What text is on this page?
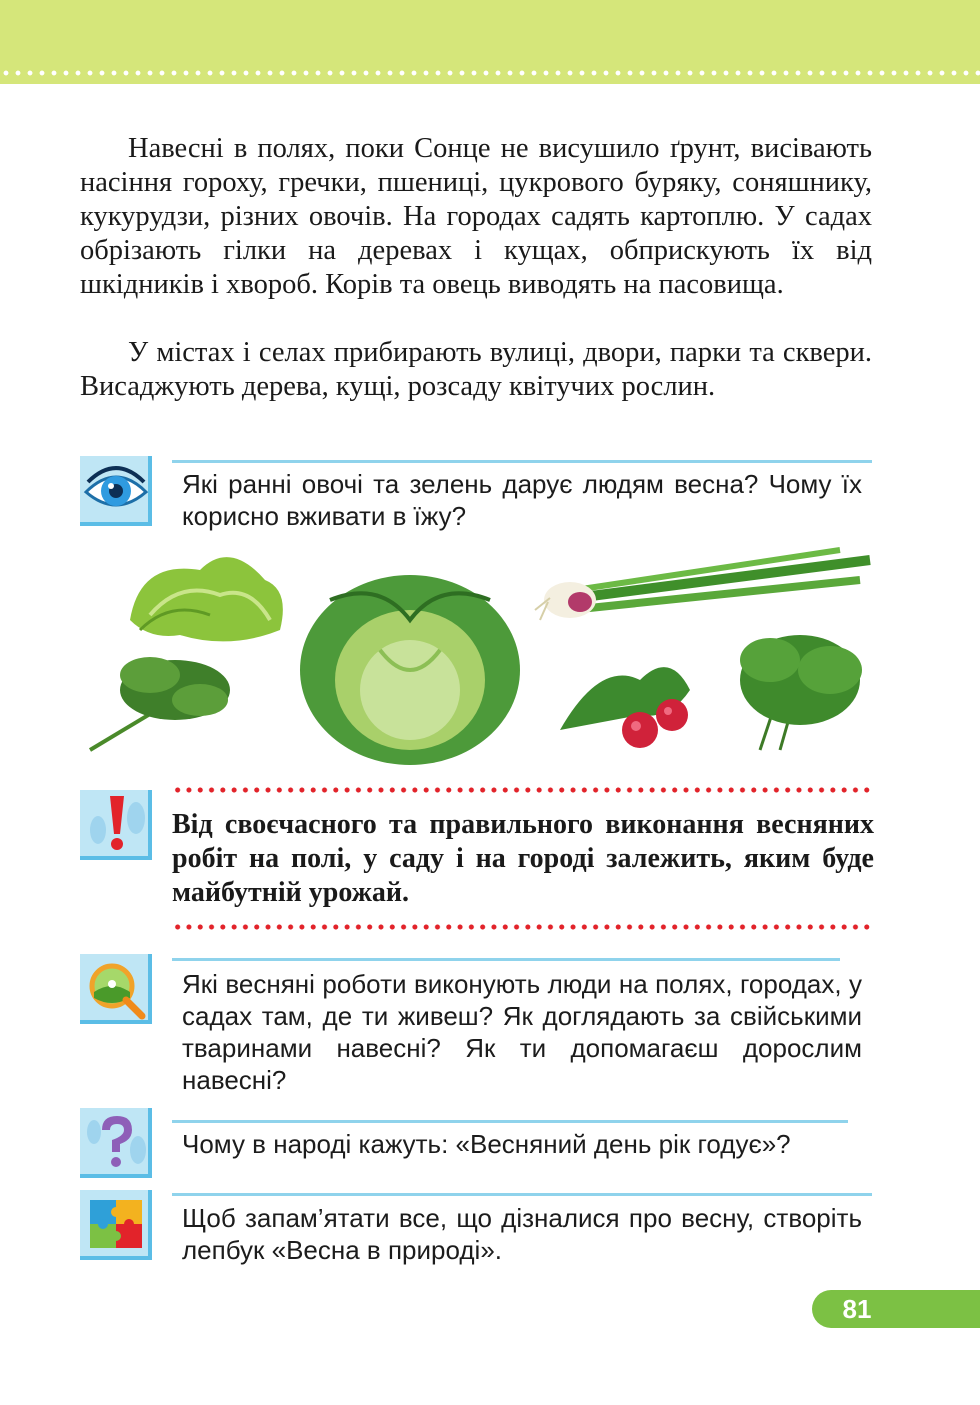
Навесні в полях, поки Сонце не висушило ґрунт, висівають насіння гороху, гречки, пшениці, цукрового буряку, соняшнику, кукурудзи, різних овочів. На городах садять картоплю. У садах обрізають гілки на деревах і кущах, обприскують їх від шкідників і хвороб. Корів та овець виводять на пасовища.

У містах і селах прибирають вулиці, двори, парки та сквери. Висаджують дерева, кущі, розсаду квітучих рослин.

Які ранні овочі та зелень дарує людям весна? Чому їх корисно вживати в їжу?

Від своєчасного та правильного виконання весняних робіт на полі, у саду і на городі залежить, яким буде майбутній урожай.

Які весняні роботи виконують люди на полях, городах, у садах там, де ти живеш? Як доглядають за свійськими тваринами навесні? Як ти допомагаєш дорослим навесні?

Чому в народі кажуть: «Весняний день рік годує»?

Щоб запам’ятати все, що дізналися про весну, створіть лепбук «Весна в природі».

81
